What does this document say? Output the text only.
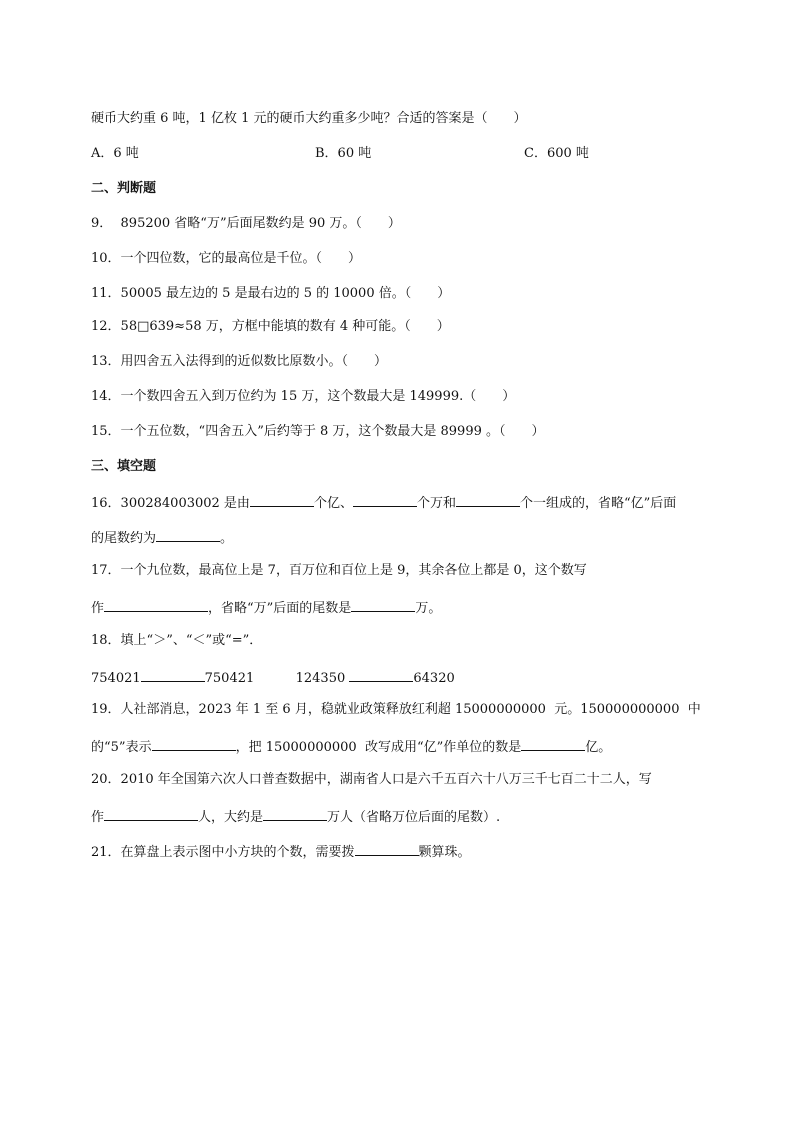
硬币大约重 6 吨，1 亿枚 1 元的硬币大约重多少吨？合适的答案是（　　）
A．6 吨	B．60 吨	C．600 吨
二、判断题
9．  895200 省略“万”后面尾数约是 90 万。（　　）
10．一个四位数，它的最高位是千位。（　　）
11．50005 最左边的 5 是最右边的 5 的 10000 倍。（　　）
12．58□639≈58 万，方框中能填的数有 4 种可能。（　　）
13．用四舍五入法得到的近似数比原数小。（　　）
14．一个数四舍五入到万位约为 15 万，这个数最大是 149999.（　　）
15．一个五位数，“四舍五入”后约等于 8 万，这个数最大是 89999 。（　　）
三、填空题
16．300284003002 是由	个亿、	个万和	个一组成的，省略“亿”后面
的尾数约为	。
17．一个九位数，最高位上是 7，百万位和百位上是 9，其余各位上都是 0，这个数写
作	，省略“万”后面的尾数是	万。
18．填上“＞”、“＜”或“=”．
754021	750421	124350	64320
19．人社部消息，2023 年 1 至 6 月，稳就业政策释放红利超 15000000000  元。150000000000  中
的“5”表示	，把 15000000000  改写成用“亿”作单位的数是	亿。
20．2010 年全国第六次人口普查数据中，湖南省人口是六千五百六十八万三千七百二十二人，写
作	人，大约是	万人（省略万位后面的尾数）.
21．在算盘上表示图中小方块的个数，需要拨	颗算珠。
